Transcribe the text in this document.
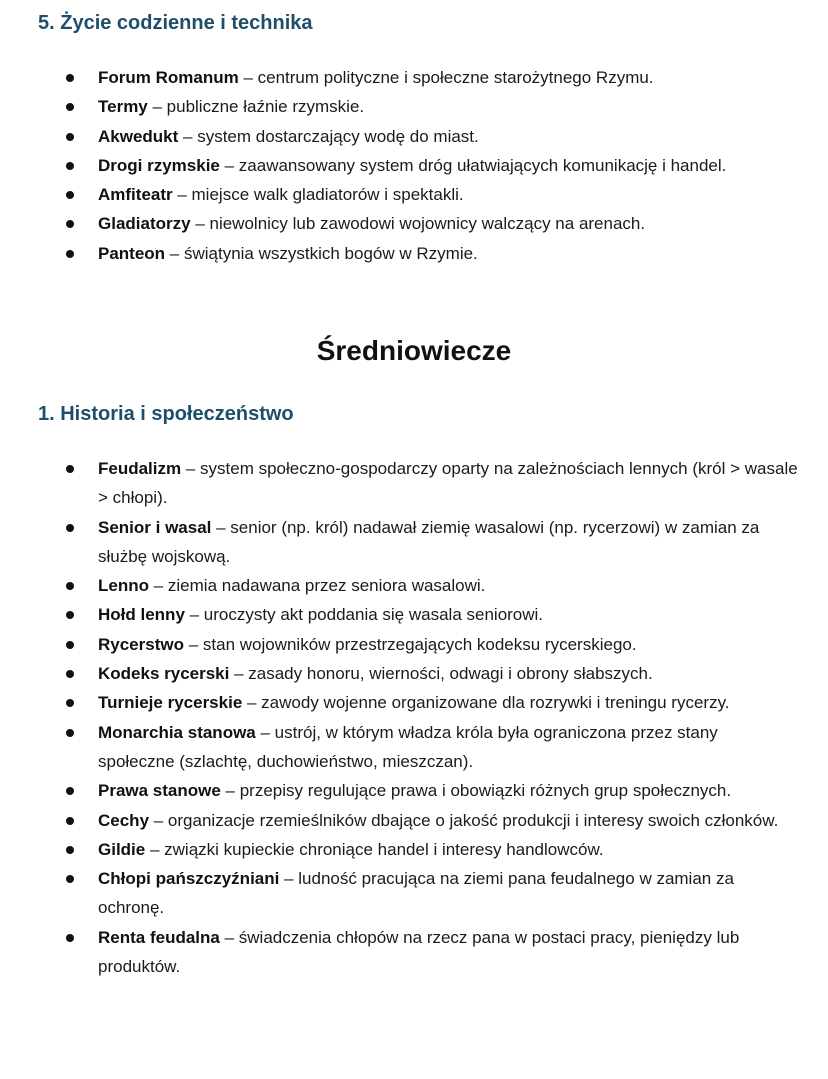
5. Życie codzienne i technika
Forum Romanum – centrum polityczne i społeczne starożytnego Rzymu.
Termy – publiczne łaźnie rzymskie.
Akwedukt – system dostarczający wodę do miast.
Drogi rzymskie – zaawansowany system dróg ułatwiających komunikację i handel.
Amfiteatr – miejsce walk gladiatorów i spektakli.
Gladiatorzy – niewolnicy lub zawodowi wojownicy walczący na arenach.
Panteon – świątynia wszystkich bogów w Rzymie.
Średniowiecze
1. Historia i społeczeństwo
Feudalizm – system społeczno-gospodarczy oparty na zależnościach lennych (król > wasale > chłopi).
Senior i wasal – senior (np. król) nadawał ziemię wasalowi (np. rycerzowi) w zamian za służbę wojskową.
Lenno – ziemia nadawana przez seniora wasalowi.
Hołd lenny – uroczysty akt poddania się wasala seniorowi.
Rycerstwo – stan wojowników przestrzegających kodeksu rycerskiego.
Kodeks rycerski – zasady honoru, wierności, odwagi i obrony słabszych.
Turnieje rycerskie – zawody wojenne organizowane dla rozrywki i treningu rycerzy.
Monarchia stanowa – ustrój, w którym władza króla była ograniczona przez stany społeczne (szlachtę, duchowieństwo, mieszczan).
Prawa stanowe – przepisy regulujące prawa i obowiązki różnych grup społecznych.
Cechy – organizacje rzemieślników dbające o jakość produkcji i interesy swoich członków.
Gildie – związki kupieckie chroniące handel i interesy handlowców.
Chłopi pańszczyźniani – ludność pracująca na ziemi pana feudalnego w zamian za ochronę.
Renta feudalna – świadczenia chłopów na rzecz pana w postaci pracy, pieniędzy lub produktów.
